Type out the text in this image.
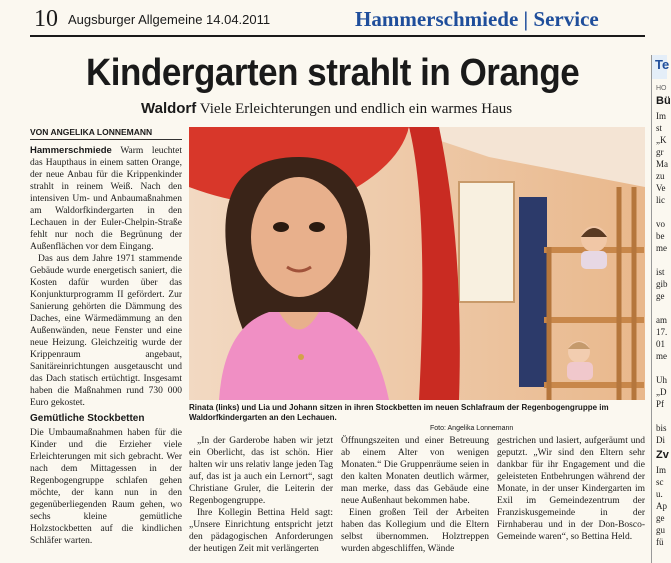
10 Augsburger Allgemeine 14.04.2011	Hammerschmiede | Service
Kindergarten strahlt in Orange
Waldorf Viele Erleichterungen und endlich ein warmes Haus
VON ANGELIKA LONNEMANN

Hammerschmiede Warm leuchtet das Haupthaus in einem satten Orange, der neue Anbau für die Krippenkinder strahlt in reinem Weiß. Nach den intensiven Um- und Anbaumaßnahmen am Waldorfkindergarten in den Lechauen in der Euler-Chelpin-Straße fehlt nur noch die Begrünung der Außenflächen vor dem Eingang.

Das aus dem Jahre 1971 stammende Gebäude wurde energetisch saniert, die Kosten dafür wurden über das Konjunkturprogramm II gefördert. Zur Sanierung gehörten die Dämmung des Daches, eine Wärmedämmung an den Außenwänden, neue Fenster und eine neue Heizung. Gleichzeitig wurde der Krippenraum angebaut, Sanitäreinrichtungen ausgetauscht und das Dach statisch ertüchtigt. Insgesamt haben die Maßnahmen rund 730 000 Euro gekostet.

Gemütliche Stockbetten

Die Umbaumaßnahmen haben für die Kinder und die Erzieher viele Erleichterungen mit sich gebracht. Wer nach dem Mittagessen in der Regenbogengruppe schlafen gehen möchte, der kann nun in den gegenüberliegenden Raum gehen, wo sechs kleine gemütliche Holzstockbetten auf die kindlichen Schläfer warten.

Rinata (links) und Lia und Johann sitzen in ihren Stockbetten im neuen Schlafraum der Regenbogengruppe im Waldorfkindergarten an den Lechauen.
Foto: Angelika Lonnemann

„In der Garderobe haben wir jetzt ein Oberlicht, das ist schön. Hier halten wir uns relativ lange jeden Tag auf, das ist ja auch ein Lernort“, sagt Christiane Gruler, die Leiterin der Regenbogengruppe.

Ihre Kollegin Bettina Held sagt: „Unsere Einrichtung entspricht jetzt den pädagogischen Anforderungen der heutigen Zeit mit verlängerten

Öffnungszeiten und einer Betreuung ab einem Alter von wenigen Monaten.“ Die Gruppenräume seien in den kalten Monaten deutlich wärmer, man merke, dass das Gebäude eine neue Außenhaut bekommen habe.

Einen großen Teil der Arbeiten haben das Kollegium und die Eltern selbst übernommen. Holztreppen wurden abgeschliffen, Wände

gestrichen und lasiert, aufgeräumt und geputzt. „Wir sind den Eltern sehr dankbar für ihr Engagement und die geleisteten Entbehrungen während der Monate, in der unser Kindergarten im Exil im Gemeindezentrum der Franziskusgemeinde in der Firnhaberau und in der Don-Bosco-Gemeinde waren“, so Bettina Held.

Te
HO
Bü
Im
st
„K
gr
Ma
zu
Ve
lic

vo
be
me

ist
gib
ge

am
17.
01
me

Uh
„D
Pf

bis
Di
Zv
Im
sc
u.
Ap
ge
gu
fü
